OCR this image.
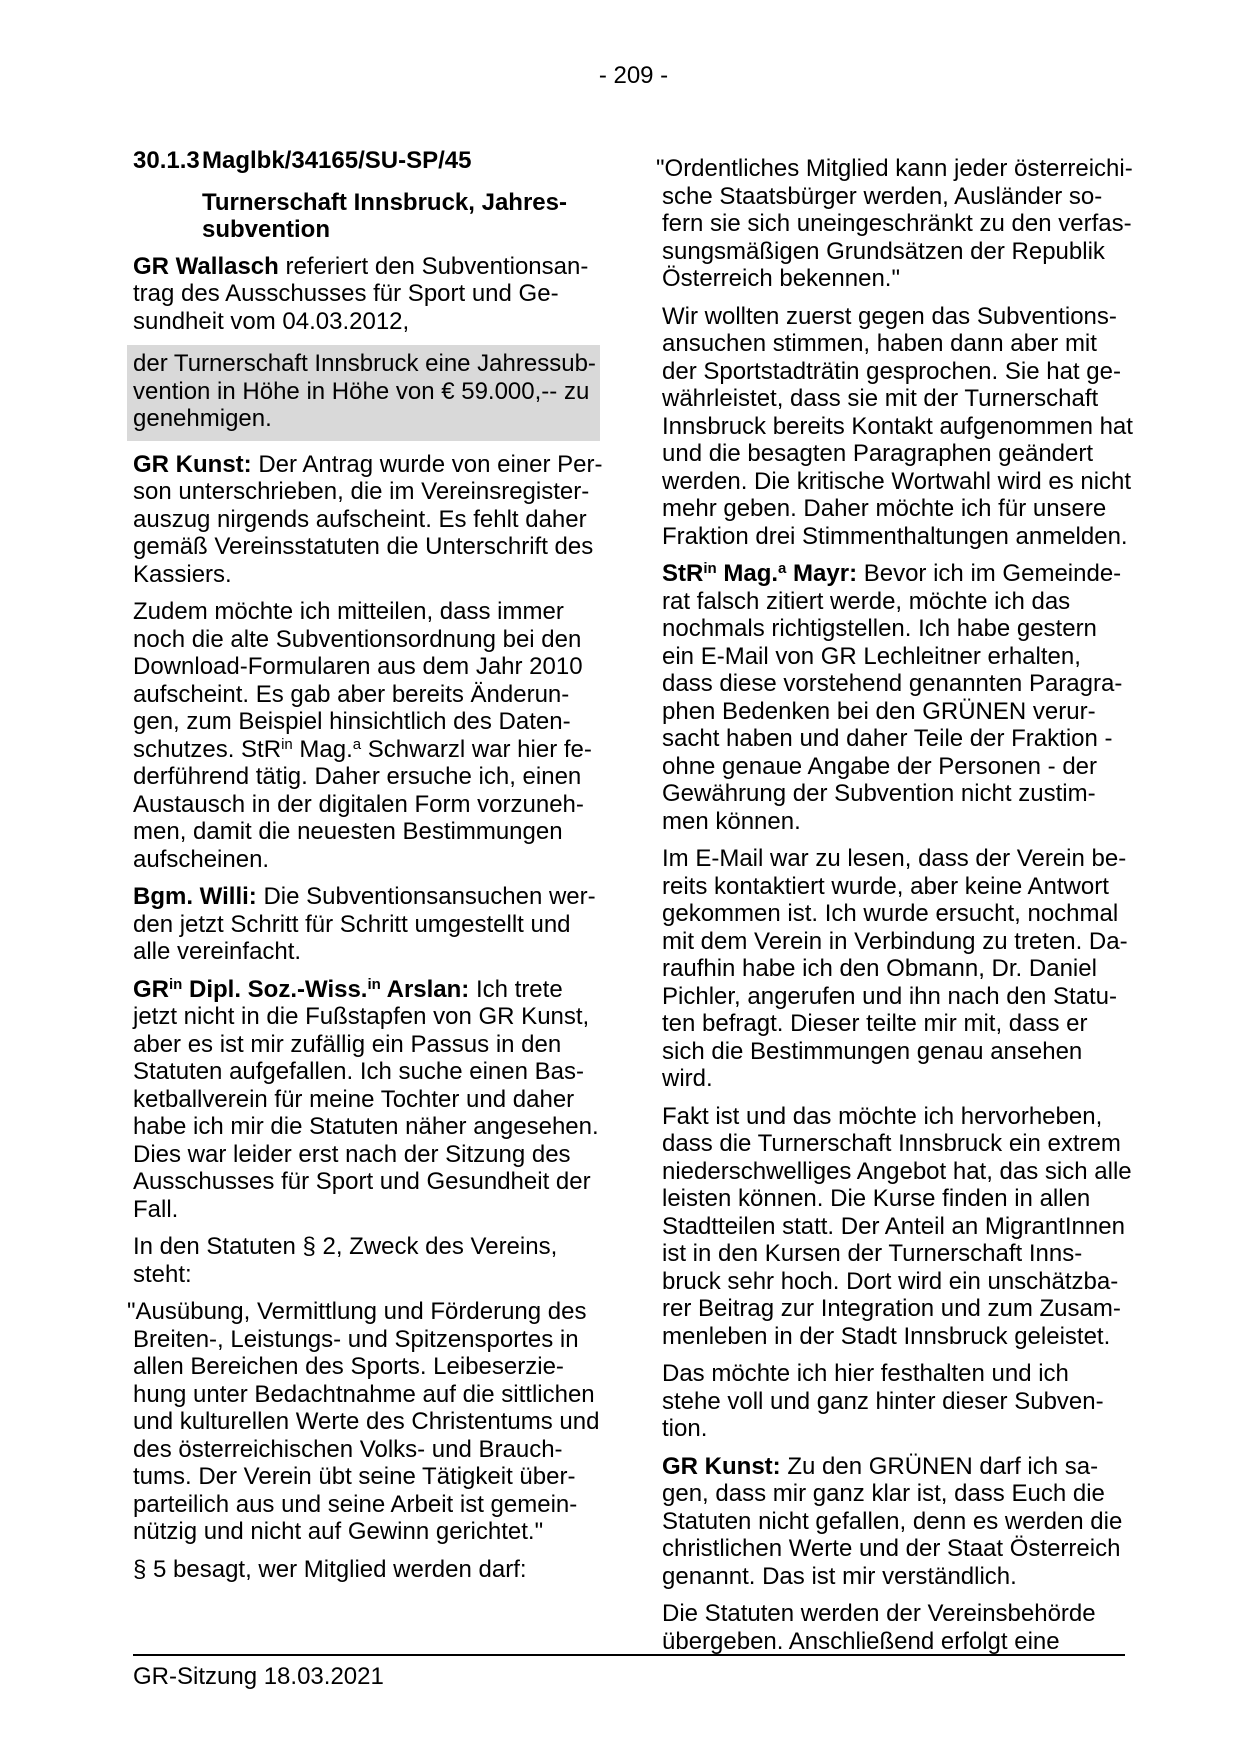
- 209 -
30.1.3 Maglbk/34165/SU-SP/45
Turnerschaft Innsbruck, Jahres-
subvention
GR Wallasch referiert den Subventionsan-
trag des Ausschusses für Sport und Ge-
sundheit vom 04.03.2012,
der Turnerschaft Innsbruck eine Jahressub-
vention in Höhe in Höhe von € 59.000,-- zu
genehmigen.
GR Kunst: Der Antrag wurde von einer Per-
son unterschrieben, die im Vereinsregister-
auszug nirgends aufscheint. Es fehlt daher
gemäß Vereinsstatuten die Unterschrift des
Kassiers.
Zudem möchte ich mitteilen, dass immer
noch die alte Subventionsordnung bei den
Download-Formularen aus dem Jahr 2010
aufscheint. Es gab aber bereits Änderun-
gen, zum Beispiel hinsichtlich des Daten-
schutzes. StR$^{in}$ Mag.$^a$ Schwarzl war hier fe-
derführend tätig. Daher ersuche ich, einen
Austausch in der digitalen Form vorzuneh-
men, damit die neuesten Bestimmungen
aufscheinen.
Bgm. Willi: Die Subventionsansuchen wer-
den jetzt Schritt für Schritt umgestellt und
alle vereinfacht.
$GR^{in}$ Dipl. Soz.-Wiss.$^{in}$ Arslan: Ich trete
jetzt nicht in die Fußstapfen von GR Kunst,
aber es ist mir zufällig ein Passus in den
Statuten aufgefallen. Ich suche einen Bas-
ketballverein für meine Tochter und daher
habe ich mir die Statuten näher angesehen.
Dies war leider erst nach der Sitzung des
Ausschusses für Sport und Gesundheit der
Fall.
In den Statuten § 2, Zweck des Vereins,
steht:
"Ausübung, Vermittlung und Förderung des
Breiten-, Leistungs- und Spitzensportes in
allen Bereichen des Sports. Leibeserzie-
hung unter Bedachtnahme auf die sittlichen
und kulturellen Werte des Christentums und
des österreichischen Volks- und Brauch-
tums. Der Verein übt seine Tätigkeit über-
parteilich aus und seine Arbeit ist gemein-
nützig und nicht auf Gewinn gerichtet."
§ 5 besagt, wer Mitglied werden darf:
"Ordentliches Mitglied kann jeder österreichi-
sche Staatsbürger werden, Ausländer so-
fern sie sich uneingeschränkt zu den verfas-
sungsmäßigen Grundsätzen der Republik
Österreich bekennen."
Wir wollten zuerst gegen das Subventions-
ansuchen stimmen, haben dann aber mit
der Sportstadträtin gesprochen. Sie hat ge-
währleistet, dass sie mit der Turnerschaft
Innsbruck bereits Kontakt aufgenommen hat
und die besagten Paragraphen geändert
werden. Die kritische Wortwahl wird es nicht
mehr geben. Daher möchte ich für unsere
Fraktion drei Stimmenthaltungen anmelden.
StR$^{in}$ Mag.$^a$ Mayr: Bevor ich im Gemeinde-
rat falsch zitiert werde, möchte ich das
nochmals richtigstellen. Ich habe gestern
ein E-Mail von GR Lechleitner erhalten,
dass diese vorstehend genannten Paragra-
phen Bedenken bei den GRÜNEN verur-
sacht haben und daher Teile der Fraktion -
ohne genaue Angabe der Personen - der
Gewährung der Subvention nicht zustim-
men können.
Im E-Mail war zu lesen, dass der Verein be-
reits kontaktiert wurde, aber keine Antwort
gekommen ist. Ich wurde ersucht, nochmal
mit dem Verein in Verbindung zu treten. Da-
raufhin habe ich den Obmann, Dr. Daniel
Pichler, angerufen und ihn nach den Statu-
ten befragt. Dieser teilte mir mit, dass er
sich die Bestimmungen genau ansehen
wird.
Fakt ist und das möchte ich hervorheben,
dass die Turnerschaft Innsbruck ein extrem
niederschwelliges Angebot hat, das sich alle
leisten können. Die Kurse finden in allen
Stadtteilen statt. Der Anteil an MigrantInnen
ist in den Kursen der Turnerschaft Inns-
bruck sehr hoch. Dort wird ein unschätzba-
rer Beitrag zur Integration und zum Zusam-
menleben in der Stadt Innsbruck geleistet.
Das möchte ich hier festhalten und ich
stehe voll und ganz hinter dieser Subven-
tion.
GR Kunst: Zu den GRÜNEN darf ich sa-
gen, dass mir ganz klar ist, dass Euch die
Statuten nicht gefallen, denn es werden die
christlichen Werte und der Staat Österreich
genannt. Das ist mir verständlich.
Die Statuten werden der Vereinsbehörde
übergeben. Anschließend erfolgt eine
GR-Sitzung 18.03.2021
